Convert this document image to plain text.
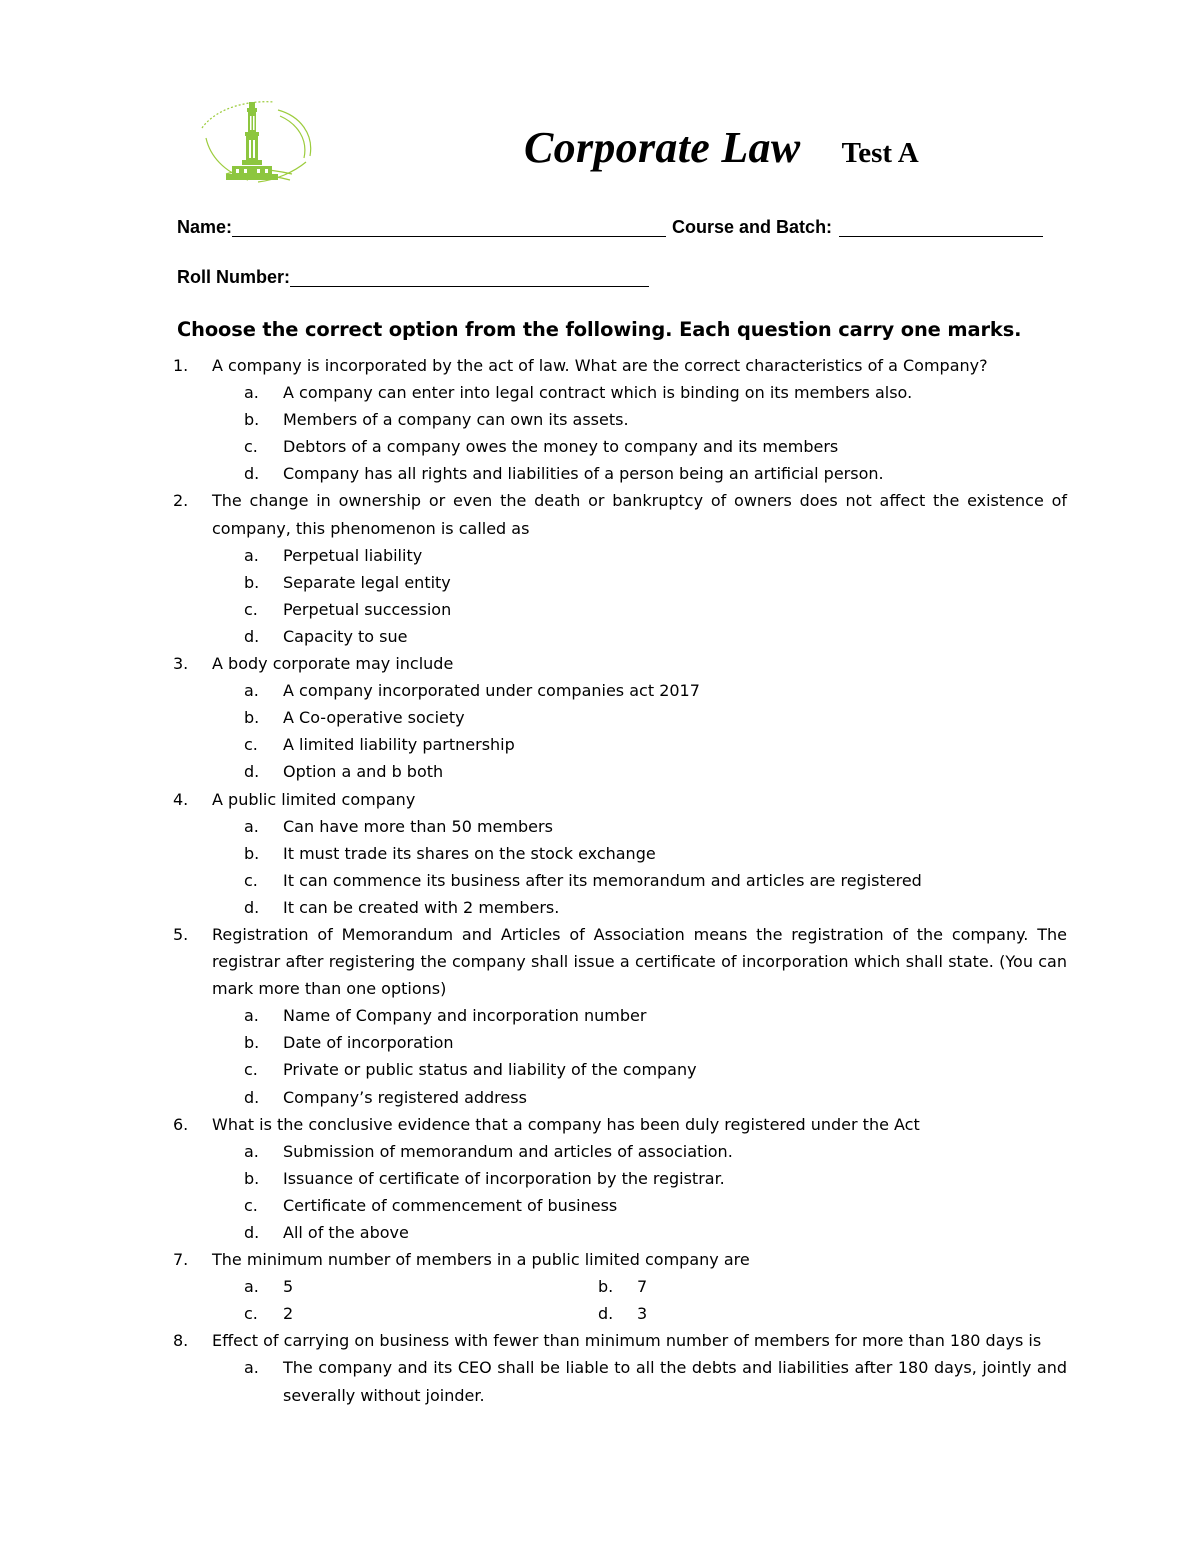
Corporate Law Test A
Name:	Course and Batch:
Roll Number:
Choose the correct option from the following. Each question carry one marks.
1.	A company is incorporated by the act of law. What are the correct characteristics of a Company?
a.	A company can enter into legal contract which is binding on its members also.
b.	Members of a company can own its assets.
c.	Debtors of a company owes the money to company and its members
d.	Company has all rights and liabilities of a person being an artificial person.
2.	The change in ownership or even the death or bankruptcy of owners does not affect the existence of company, this phenomenon is called as
a.	Perpetual liability
b.	Separate legal entity
c.	Perpetual succession
d.	Capacity to sue
3.	A body corporate may include
a.	A company incorporated under companies act 2017
b.	A Co-operative society
c.	A limited liability partnership
d.	Option a and b both
4.	A public limited company
a.	Can have more than 50 members
b.	It must trade its shares on the stock exchange
c.	It can commence its business after its memorandum and articles are registered
d.	It can be created with 2 members.
5.	Registration of Memorandum and Articles of Association means the registration of the company. The registrar after registering the company shall issue a certificate of incorporation which shall state. (You can mark more than one options)
a.	Name of Company and incorporation number
b.	Date of incorporation
c.	Private or public status and liability of the company
d.	Company’s registered address
6.	What is the conclusive evidence that a company has been duly registered under the Act
a.	Submission of memorandum and articles of association.
b.	Issuance of certificate of incorporation by the registrar.
c.	Certificate of commencement of business
d.	All of the above
7.	The minimum number of members in a public limited company are
a.	5	b.	7
c.	2	d.	3
8.	Effect of carrying on business with fewer than minimum number of members for more than 180 days is
a.	The company and its CEO shall be liable to all the debts and liabilities after 180 days, jointly and severally without joinder.
